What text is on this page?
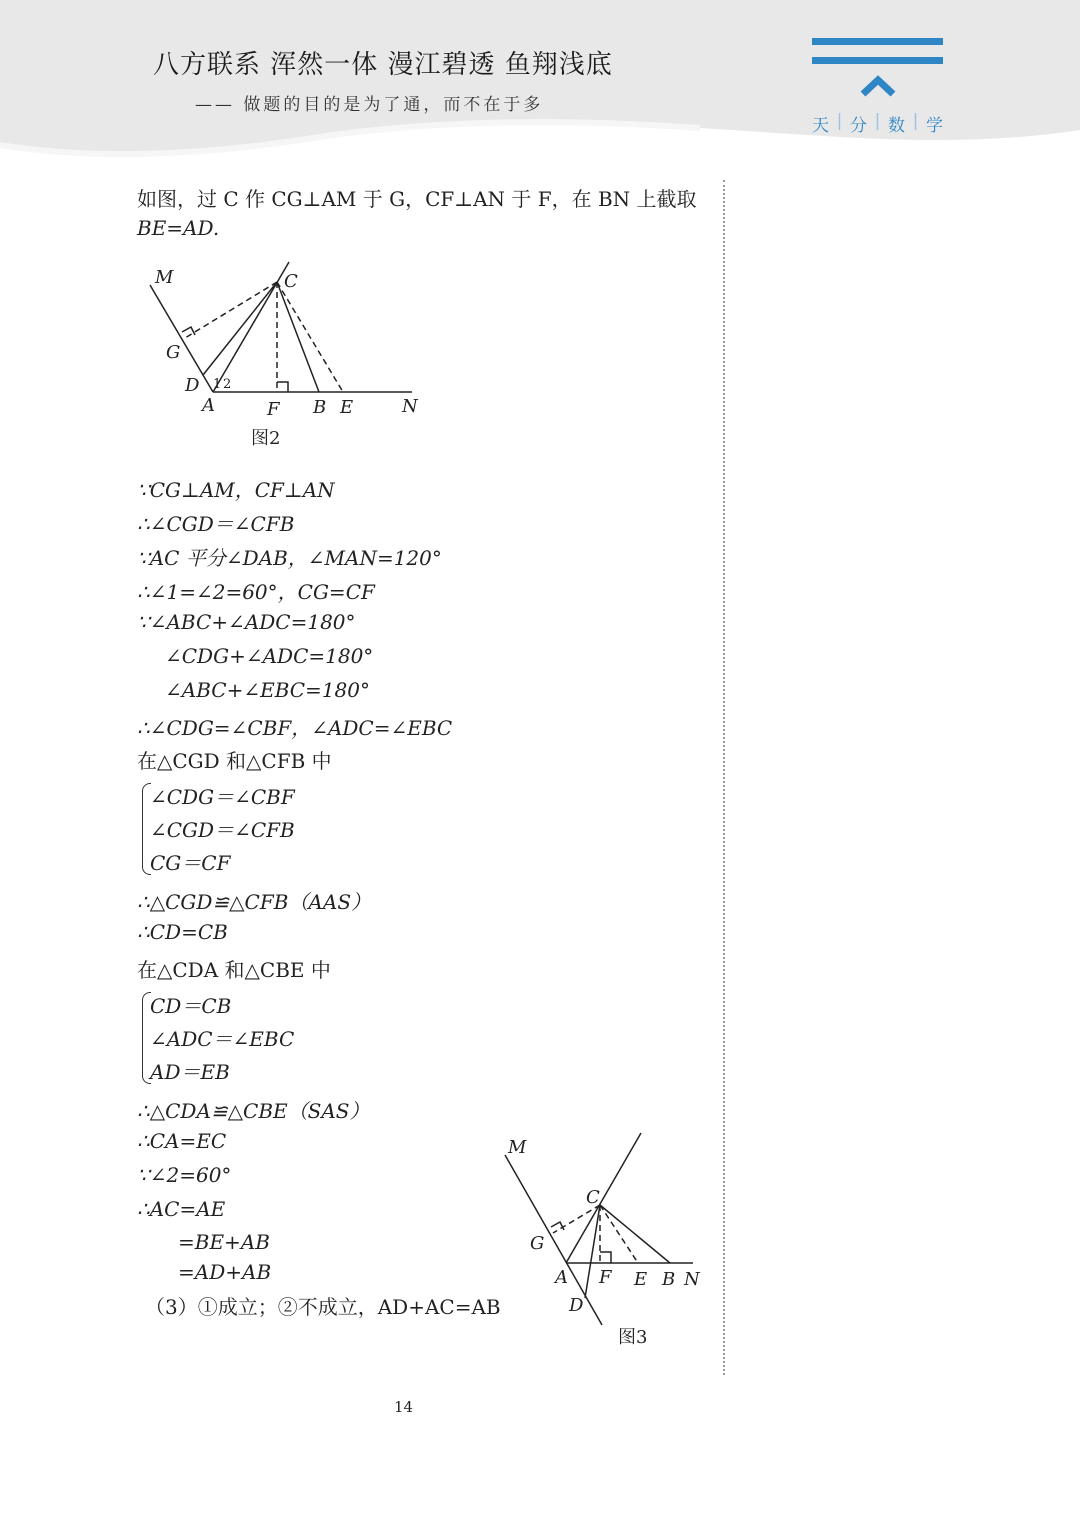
八方联系 浑然一体 漫江碧透 鱼翔浅底
—— 做题的目的是为了通，而不在于多
天 | 分 | 数 | 学
如图，过 C 作 CG⊥AM 于 G，CF⊥AN 于 F，在 BN 上截取
BE=AD.
M	C
G
D 1 2
A	F B E	N
图2
∵CG⊥AM，CF⊥AN
∴∠CGD＝∠CFB
∵AC 平分∠DAB，∠MAN=120°
∴∠1=∠2=60°，CG=CF
∵∠ABC+∠ADC=180°
∠CDG+∠ADC=180°
∠ABC+∠EBC=180°
∴∠CDG=∠CBF，∠ADC=∠EBC
在△CGD 和△CFB 中
∠CDG＝∠CBF
∠CGD＝∠CFB
CG＝CF
∴△CGD≌△CFB（AAS）
∴CD=CB
在△CDA 和△CBE 中
CD＝CB
∠ADC＝∠EBC
AD＝EB
∴△CDA≌△CBE（SAS）
∴CA=EC
∵∠2=60°
∴AC=AE
=BE+AB
=AD+AB
（3）①成立；②不成立，AD+AC=AB
M
C
G
A F E B N
D
图3
14
